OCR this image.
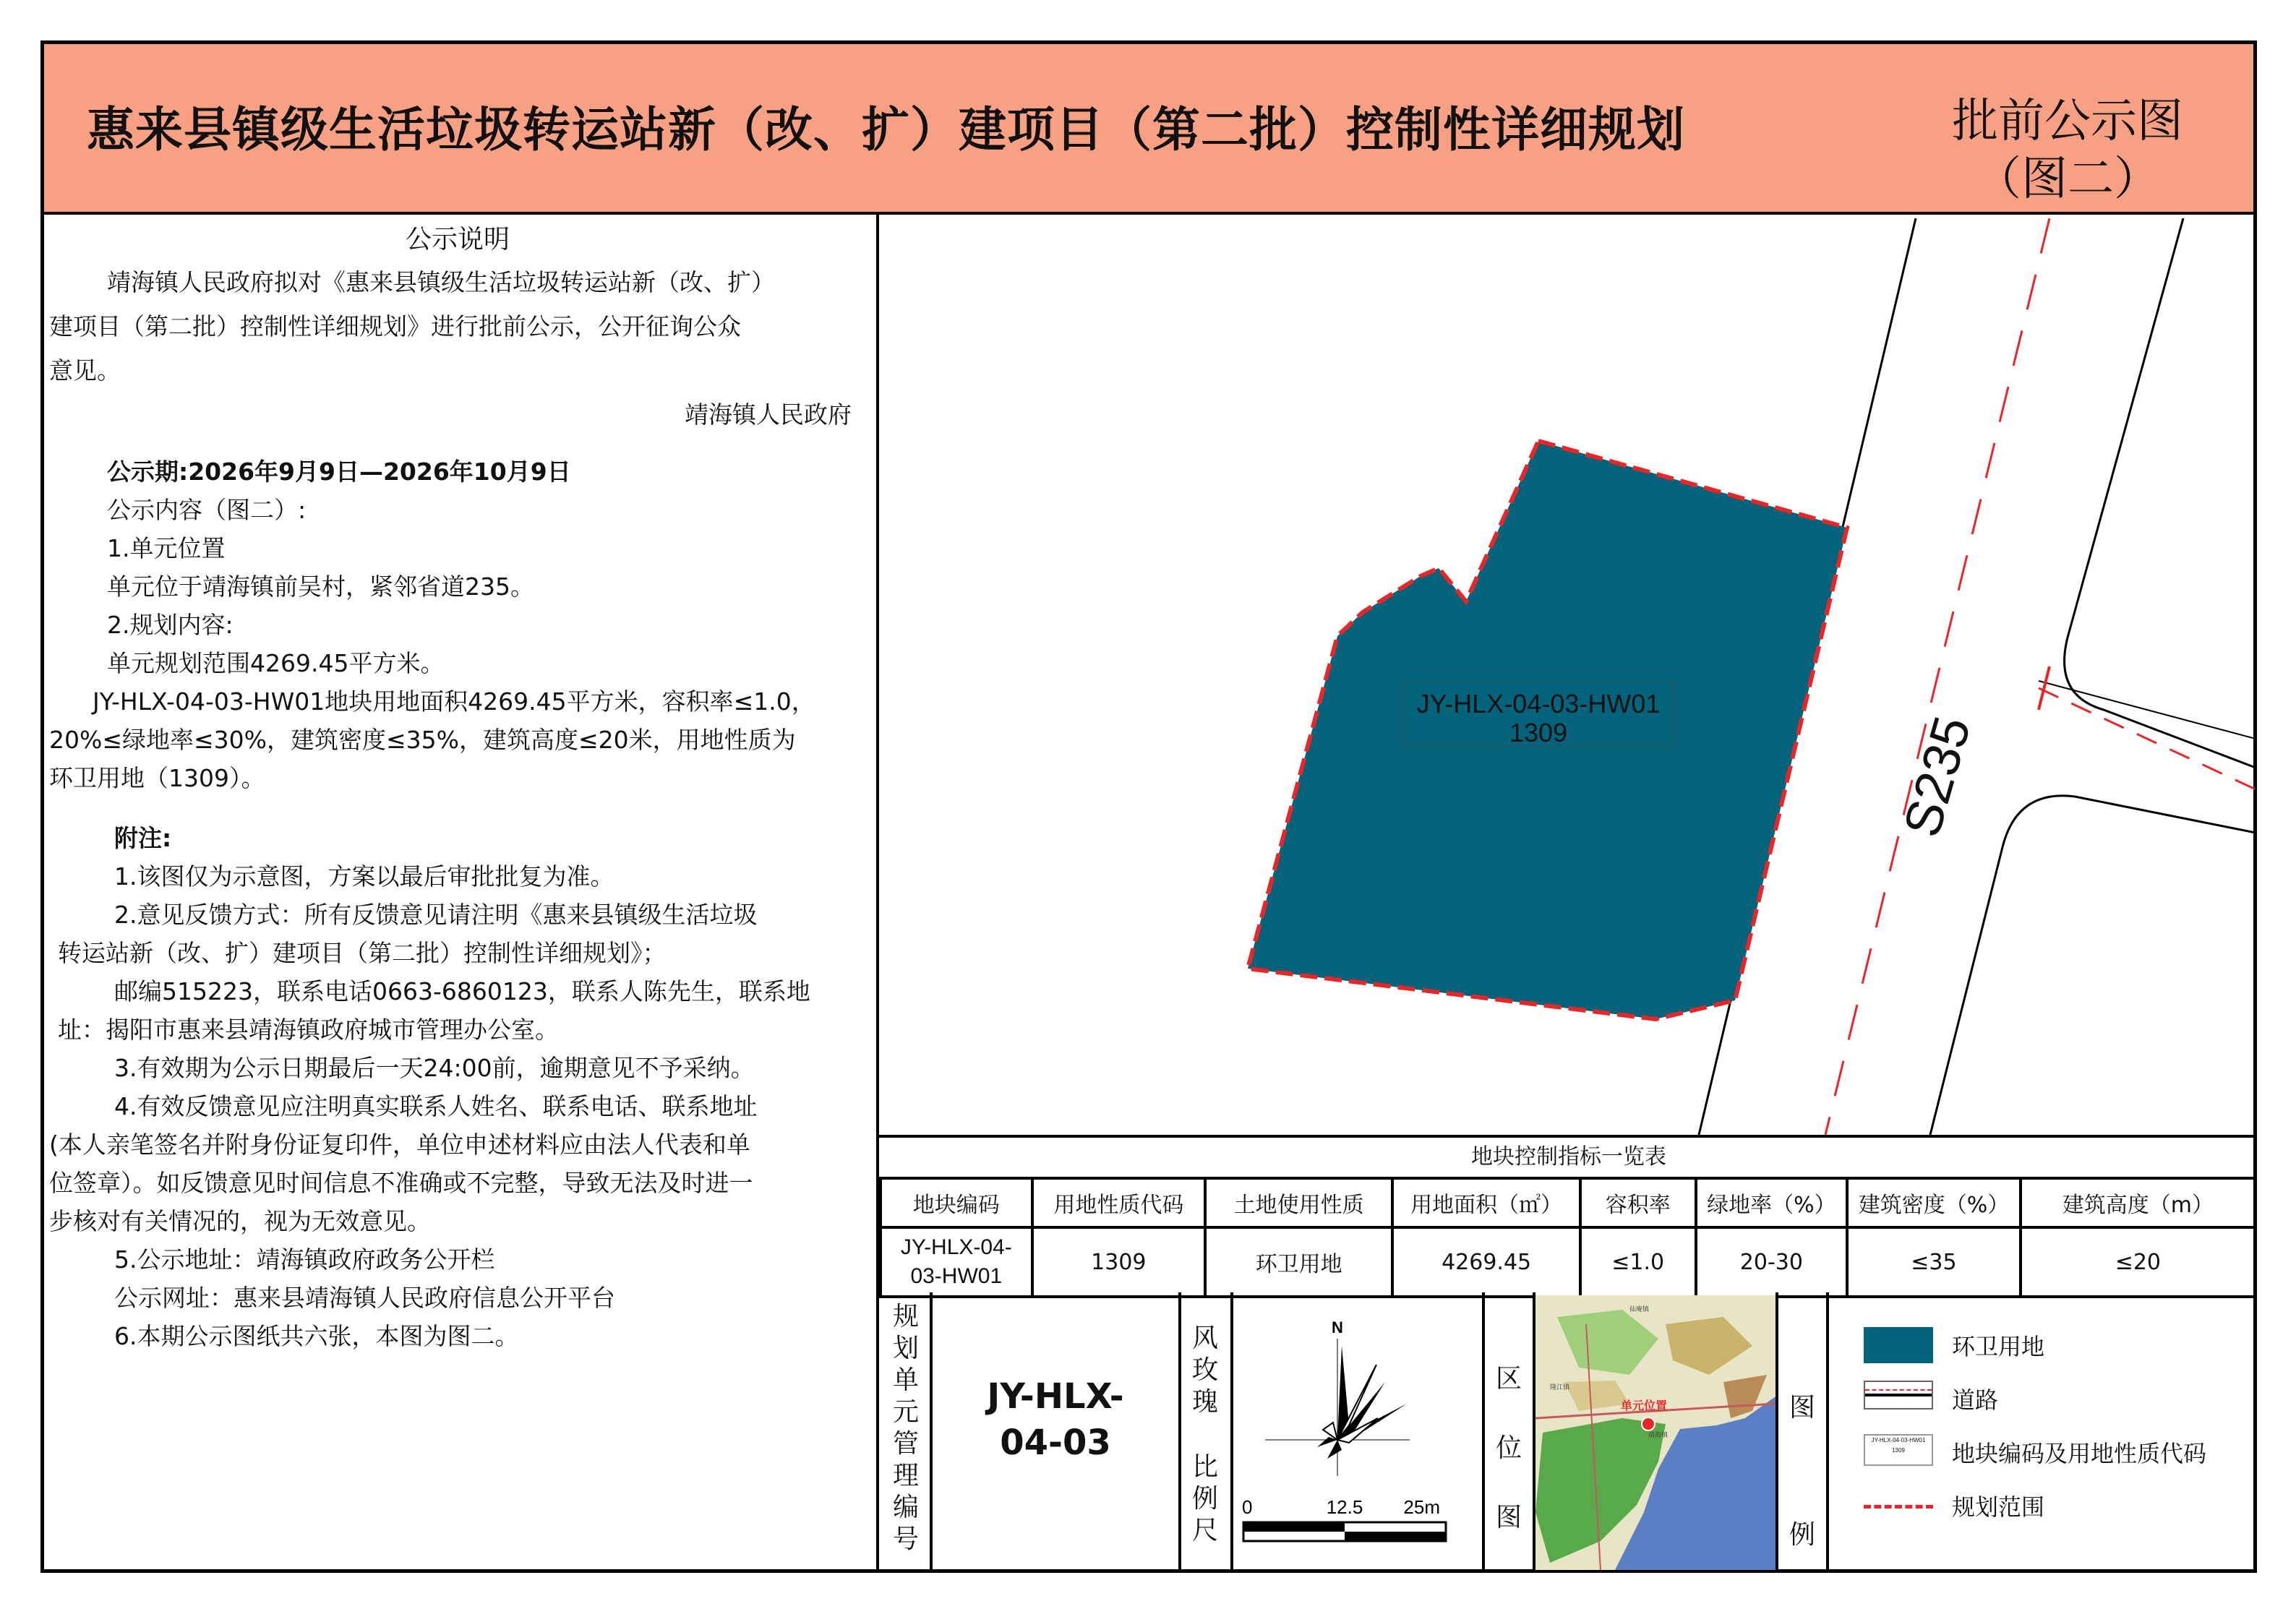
惠来县镇级生活垃圾转运站新（改、扩）建项目（第二批）控制性详细规划	批前公示图
（图二）

公示说明

靖海镇人民政府拟对《惠来县镇级生活垃圾转运站新（改、扩）

建项目（第二批）控制性详细规划》进行批前公示，公开征询公众

意见。

靖海镇人民政府

公示期:2026年9月9日—2026年10月9日

公示内容（图二）:

1.单元位置

单元位于靖海镇前吴村，紧邻省道235。

2.规划内容:

单元规划范围4269.45平方米。

JY-HLX-04-03-HW01地块用地面积4269.45平方米，容积率≤1.0，

20%≤绿地率≤30%，建筑密度≤35%，建筑高度≤20米，用地性质为

环卫用地（1309）。

附注:

1.该图仅为示意图，方案以最后审批批复为准。

2.意见反馈方式：所有反馈意见请注明《惠来县镇级生活垃圾

转运站新（改、扩）建项目（第二批）控制性详细规划》；

邮编515223，联系电话0663-6860123，联系人陈先生，联系地

址：揭阳市惠来县靖海镇政府城市管理办公室。

3.有效期为公示日期最后一天24:00前，逾期意见不予采纳。

4.有效反馈意见应注明真实联系人姓名、联系电话、联系地址

(本人亲笔签名并附身份证复印件，单位申述材料应由法人代表和单

位签章）。如反馈意见时间信息不准确或不完整，导致无法及时进一

步核对有关情况的，视为无效意见。

5.公示地址：靖海镇政府政务公开栏

公示网址：惠来县靖海镇人民政府信息公开平台

6.本期公示图纸共六张，本图为图二。

JY-HLX-04-03-HW01
1309	S235
地块控制指标一览表
地块编码	用地性质代码	土地使用性质	用地面积（㎡）	容积率	绿地率（%）	建筑密度（%）	建筑高度（m）

JY-HLX-04-
03-HW01	1309	环卫用地	4269.45	≤1.0	20-30	≤35	≤20
规划单元管理编号
JY-HLX-
04-03
风玫瑰
比例尺
N
0	12.5 25m
区位图
单元位置
仙庵镇
隆江镇
靖海镇
图例
环卫用地
道路
JY-HLX-04-03-HW01
1309	地块编码及用地性质代码
规划范围
